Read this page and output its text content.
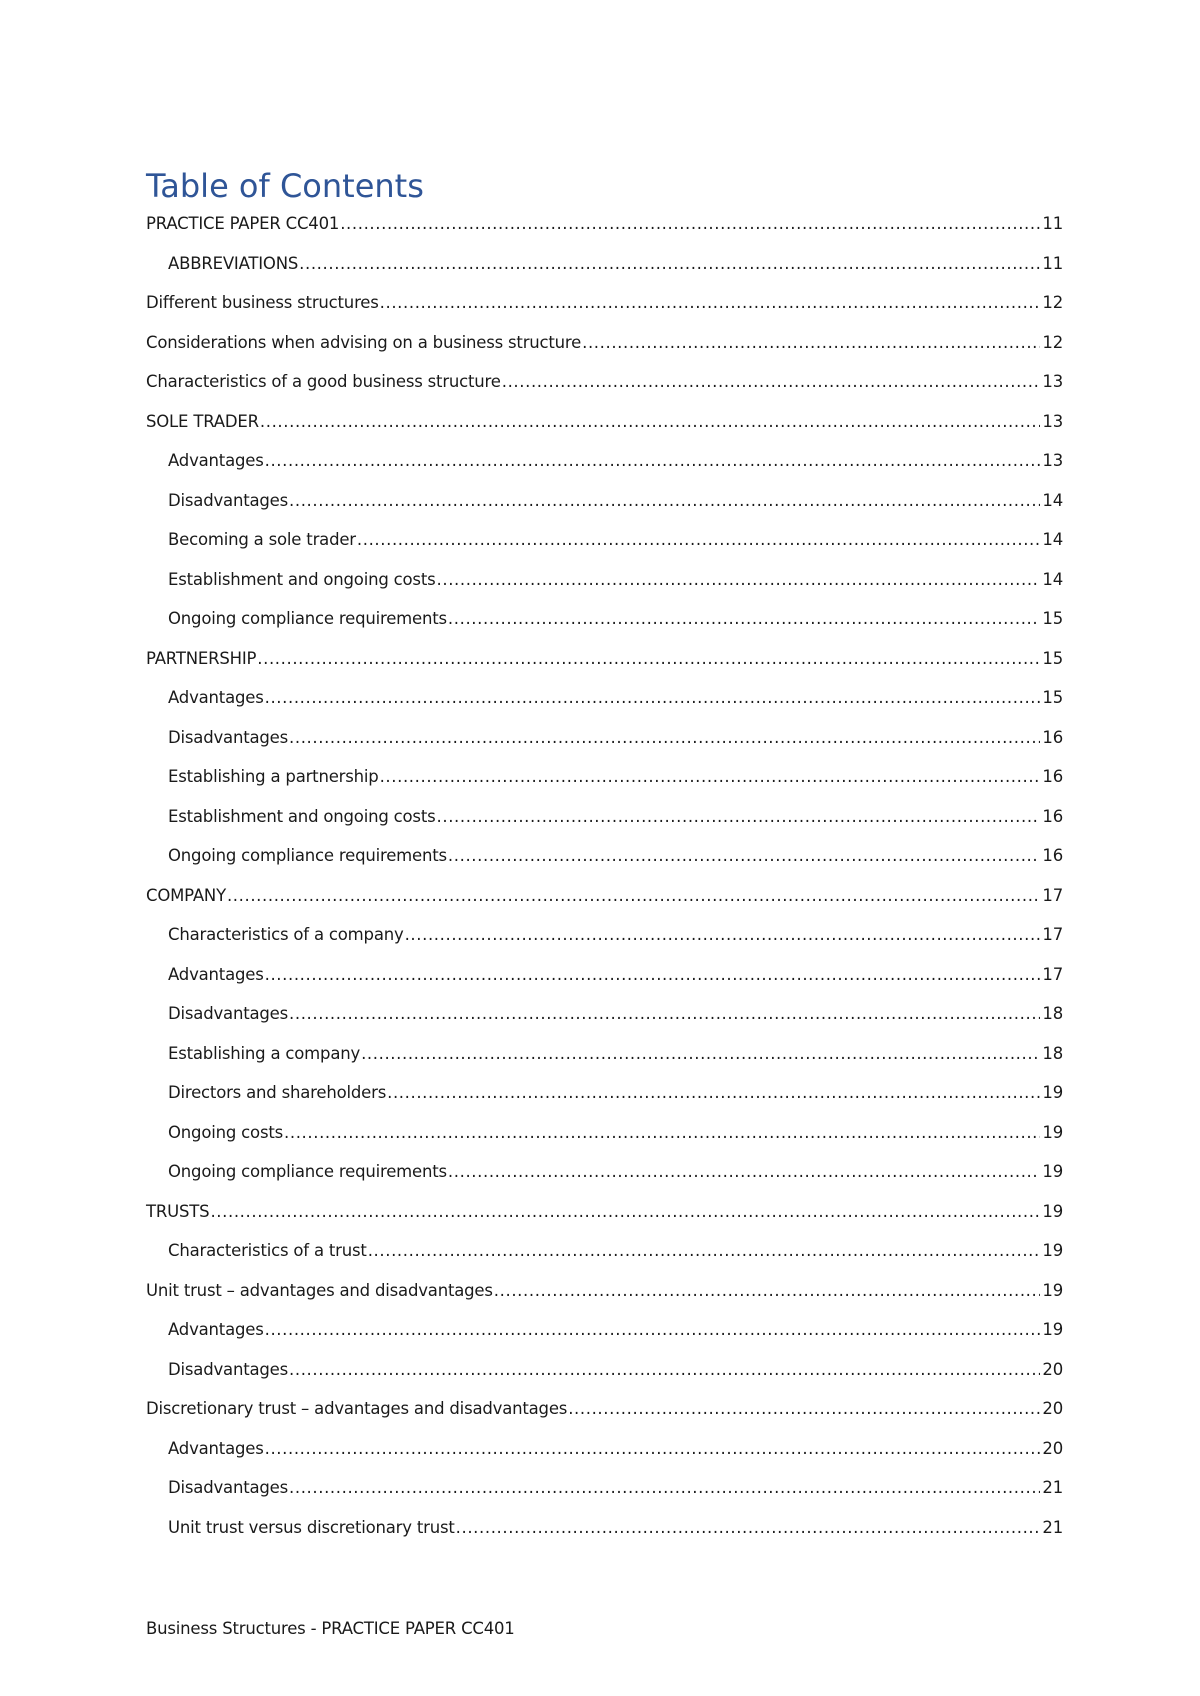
Table of Contents
PRACTICE PAPER CC401 .....	11
ABBREVIATIONS .....	11
Different business structures .....	12
Considerations when advising on a business structure .....	12
Characteristics of a good business structure .....	13
SOLE TRADER .....	13
Advantages .....	13
Disadvantages .....	14
Becoming a sole trader .....	14
Establishment and ongoing costs .....	14
Ongoing compliance requirements .....	15
PARTNERSHIP .....	15
Advantages .....	15
Disadvantages .....	16
Establishing a partnership .....	16
Establishment and ongoing costs .....	16
Ongoing compliance requirements .....	16
COMPANY .....	17
Characteristics of a company .....	17
Advantages .....	17
Disadvantages .....	18
Establishing a company .....	18
Directors and shareholders .....	19
Ongoing costs .....	19
Ongoing compliance requirements .....	19
TRUSTS .....	19
Characteristics of a trust .....	19
Unit trust – advantages and disadvantages .....	19
Advantages .....	19
Disadvantages .....	20
Discretionary trust – advantages and disadvantages .....	20
Advantages .....	20
Disadvantages .....	21
Unit trust versus discretionary trust .....	21
Business Structures - PRACTICE PAPER CC401
